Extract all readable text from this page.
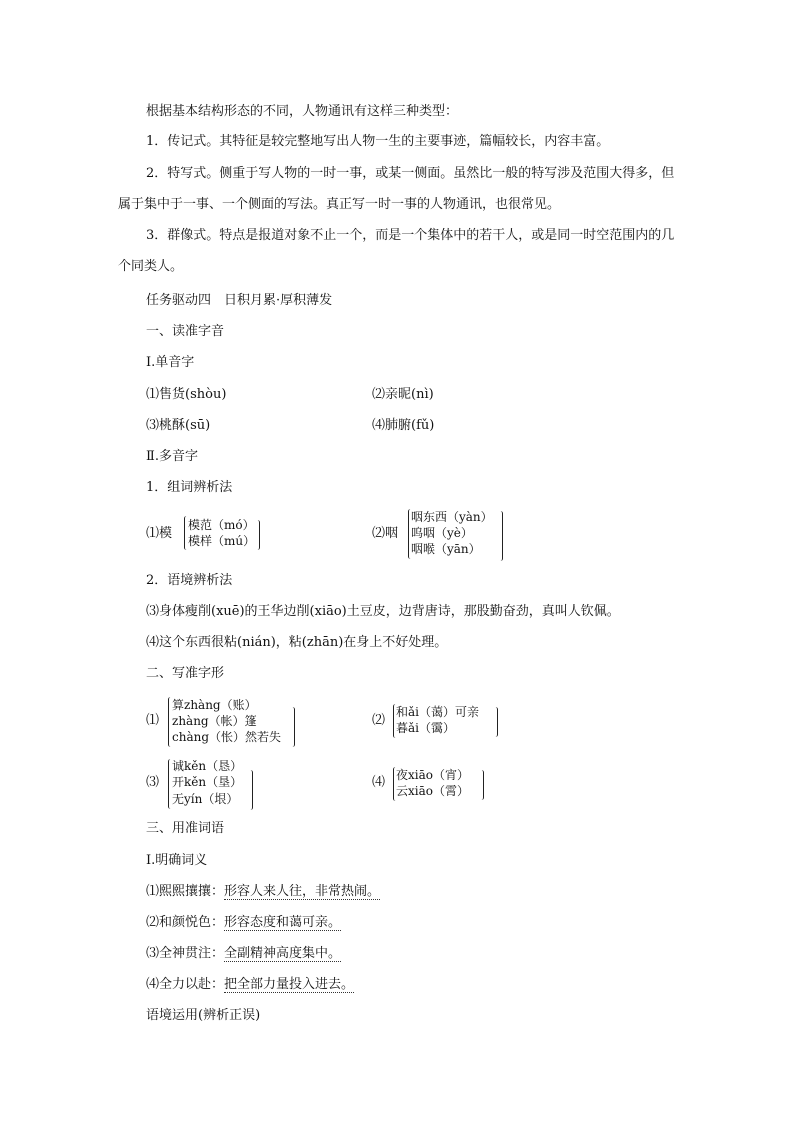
根据基本结构形态的不同，人物通讯有这样三种类型：
1．传记式。其特征是较完整地写出人物一生的主要事迹，篇幅较长，内容丰富。
2．特写式。侧重于写人物的一时一事，或某一侧面。虽然比一般的特写涉及范围大得多，但属于集中于一事、一个侧面的写法。真正写一时一事的人物通讯，也很常见。
3．群像式。特点是报道对象不止一个，而是一个集体中的若干人，或是同一时空范围内的几个同类人。
任务驱动四　日积月累·厚积薄发
一、读准字音
Ⅰ.单音字
⑴售货(shòu)	⑵亲昵(nì)
⑶桃酥(sū)	⑷肺腑(fǔ)
Ⅱ.多音字
1．组词辨析法
⑴模
模范（mó）
模样（mú）	⑵咽
咽东西（yàn）
呜咽（yè）
咽喉（yān）
2．语境辨析法
⑶身体瘦削(xuē)的王华边削(xiāo)土豆皮，边背唐诗，那股勤奋劲，真叫人钦佩。
⑷这个东西很粘(nián)，粘(zhān)在身上不好处理。
二、写准字形
⑴
算zhàng（账）
zhàng（帐）篷
chàng（怅）然若失
⑵
和ǎi（蔼）可亲
暮ǎi（霭）
⑶
诚kěn（恳）
开kěn（垦）
无yín（垠）
⑷ 夜xiāo（宵）
云xiāo（霄）
三、用准词语
Ⅰ.明确词义
⑴熙熙攘攘：形容人来人往，非常热闹。
⑵和颜悦色：形容态度和蔼可亲。
⑶全神贯注：全副精神高度集中。
⑷全力以赴：把全部力量投入进去。
语境运用(辨析正误)
